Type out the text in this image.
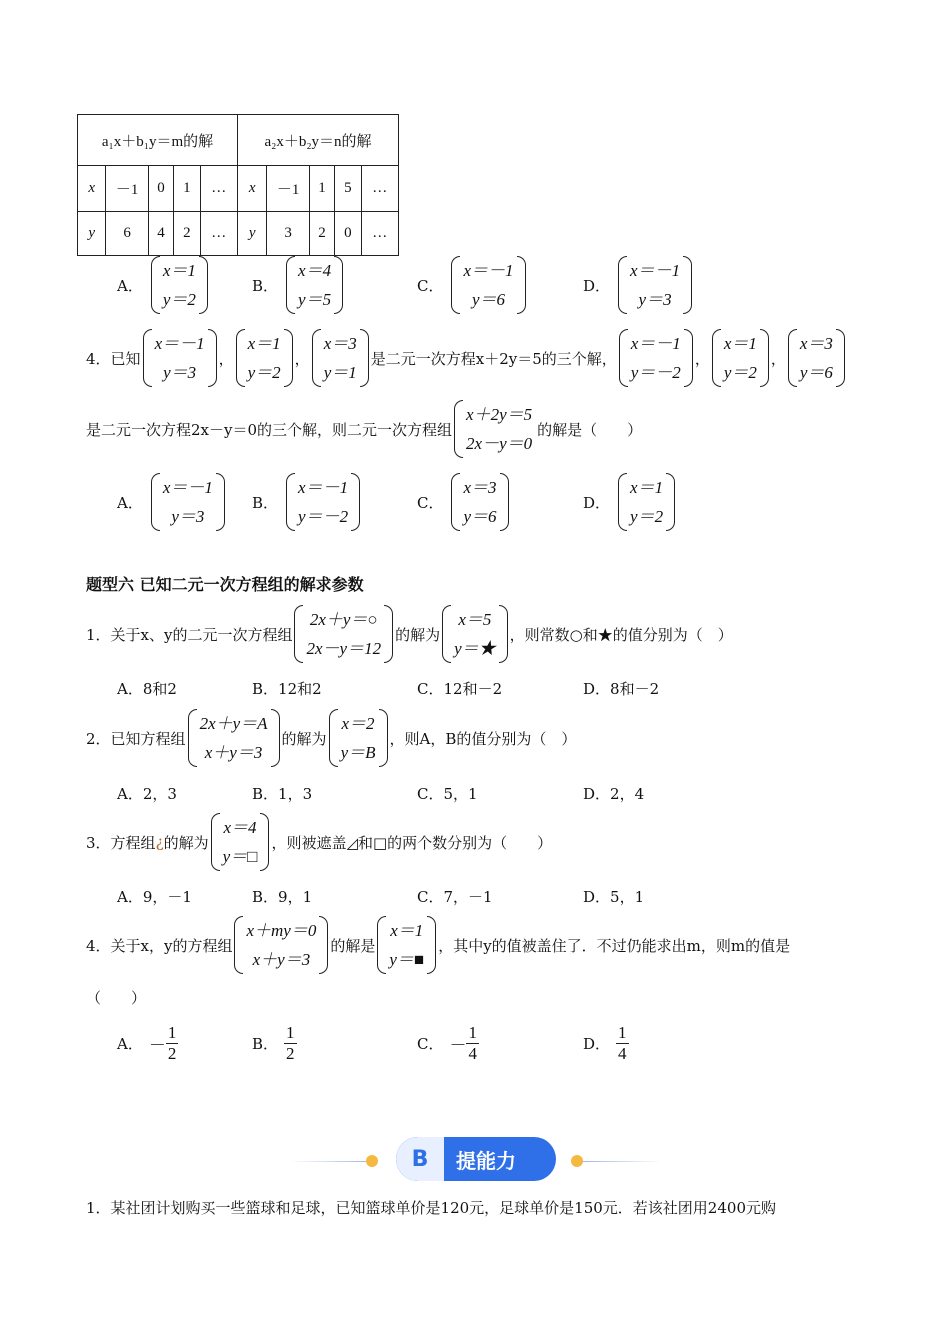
a₁x＋b₁y＝m的解					a₂x＋b₂y＝n的解				
x	－1	0	1	…	x	－1	1	5	…
y	6	4	2	…	y	3	2	0	…
A．
x＝1
y＝2
B．
x＝4
y＝5
C．
x＝－1
y＝6
D．
x＝－1
y＝3
4． 已知
x＝－1
y＝3
，
x＝1
y＝2
，
x＝3
y＝1
是二元一次方程x＋2y＝5的三个解，
x＝－1
y＝－2
，
x＝1
y＝2
，
x＝3
y＝6
是二元一次方程2x－y＝0的三个解，则二元一次方程组
x＋2y＝5
2x－y＝0
的解是（　　）
A．
x＝－1
y＝3
B．
x＝－1
y＝－2
C．
x＝3
y＝6
D．
x＝1
y＝2
题型六 已知二元一次方程组的解求参数
1． 关于x、y的二元一次方程组
2x＋y＝○
2x－y＝12
的解为
x＝5
y＝★
，则常数○和★的值分别为（　）
A．8和2	B．12和2	C．12和－2	D．8和－2
2． 已知方程组
2x＋y＝A
x＋y＝3
的解为
x＝2
y＝B
，则A，B的值分别为（　）
A．2，3	B．1，3	C．5，1	D．2，4
3． 方程组 ¿ 的解为
x＝4
y＝□
，则被遮盖◿和□的两个数分别为（　　）
A．9，－1	B．9，1	C．7，－1	D．5，1
4． 关于x，y的方程组
x＋my＝0
x＋y＝3
的解是
x＝1
y＝■
，其中y的值被盖住了．不过仍能求出m，则m的值是
（　　）
A． － $\frac{1}{2}$	B． $\frac{1}{2}$	C． － $\frac{1}{4}$	D． $\frac{1}{4}$
B	提能力
1． 某社团计划购买一些篮球和足球，已知篮球单价是120元，足球单价是150元．若该社团用2400元购
